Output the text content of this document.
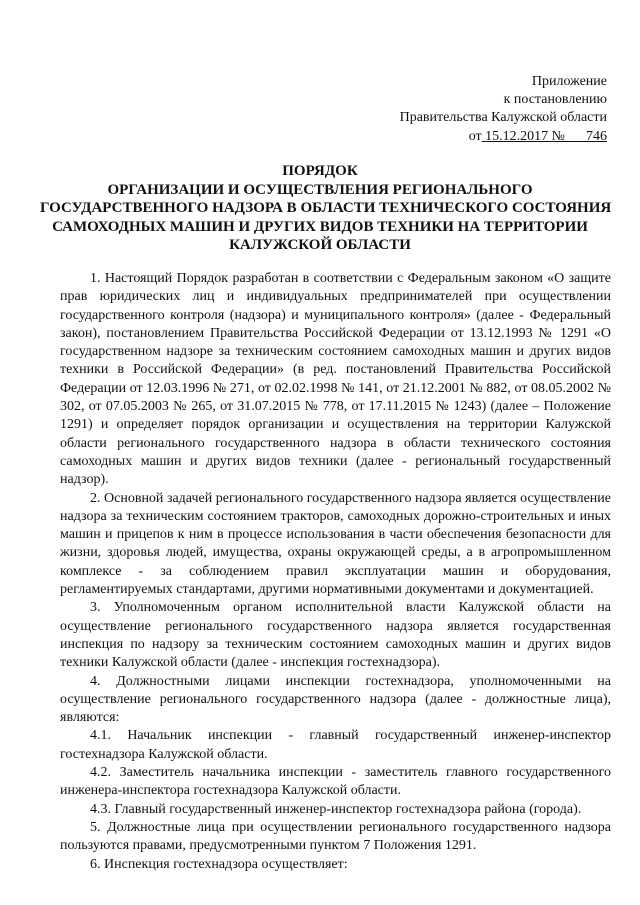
Приложение
к постановлению
Правительства Калужской области
от 15.12.2017 № 746
ПОРЯДОК
ОРГАНИЗАЦИИ И ОСУЩЕСТВЛЕНИЯ РЕГИОНАЛЬНОГО
ГОСУДАРСТВЕННОГО НАДЗОРА В ОБЛАСТИ ТЕХНИЧЕСКОГО СОСТОЯНИЯ
САМОХОДНЫХ МАШИН И ДРУГИХ ВИДОВ ТЕХНИКИ НА ТЕРРИТОРИИ
КАЛУЖСКОЙ ОБЛАСТИ

1. Настоящий Порядок разработан в соответствии с Федеральным законом «О защите прав юридических лиц и индивидуальных предпринимателей при осуществлении государственного контроля (надзора) и муниципального контроля» (далее - Федеральный закон), постановлением Правительства Российской Федерации от 13.12.1993 № 1291 «О государственном надзоре за техническим состоянием самоходных машин и других видов техники в Российской Федерации» (в ред. постановлений Правительства Российской Федерации от 12.03.1996 № 271, от 02.02.1998 № 141, от 21.12.2001 № 882, от 08.05.2002 № 302, от 07.05.2003 № 265, от 31.07.2015 № 778, от 17.11.2015 № 1243) (далее – Положение 1291) и определяет порядок организации и осуществления на территории Калужской области регионального государственного надзора в области технического состояния самоходных машин и других видов техники (далее - региональный государственный надзор).

2. Основной задачей регионального государственного надзора является осуществление надзора за техническим состоянием тракторов, самоходных дорожно-строительных и иных машин и прицепов к ним в процессе использования в части обеспечения безопасности для жизни, здоровья людей, имущества, охраны окружающей среды, а в агропромышленном комплексе - за соблюдением правил эксплуатации машин и оборудования, регламентируемых стандартами, другими нормативными документами и документацией.

3. Уполномоченным органом исполнительной власти Калужской области на осуществление регионального государственного надзора является государственная инспекция по надзору за техническим состоянием самоходных машин и других видов техники Калужской области (далее - инспекция гостехнадзора).

4. Должностными лицами инспекции гостехнадзора, уполномоченными на осуществление регионального государственного надзора (далее - должностные лица), являются:

4.1. Начальник инспекции - главный государственный инженер-инспектор гостехнадзора Калужской области.

4.2. Заместитель начальника инспекции - заместитель главного государственного инженера-инспектора гостехнадзора Калужской области.

4.3. Главный государственный инженер-инспектор гостехнадзора района (города).

5. Должностные лица при осуществлении регионального государственного надзора пользуются правами, предусмотренными пунктом 7 Положения 1291.

6. Инспекция гостехнадзора осуществляет:
